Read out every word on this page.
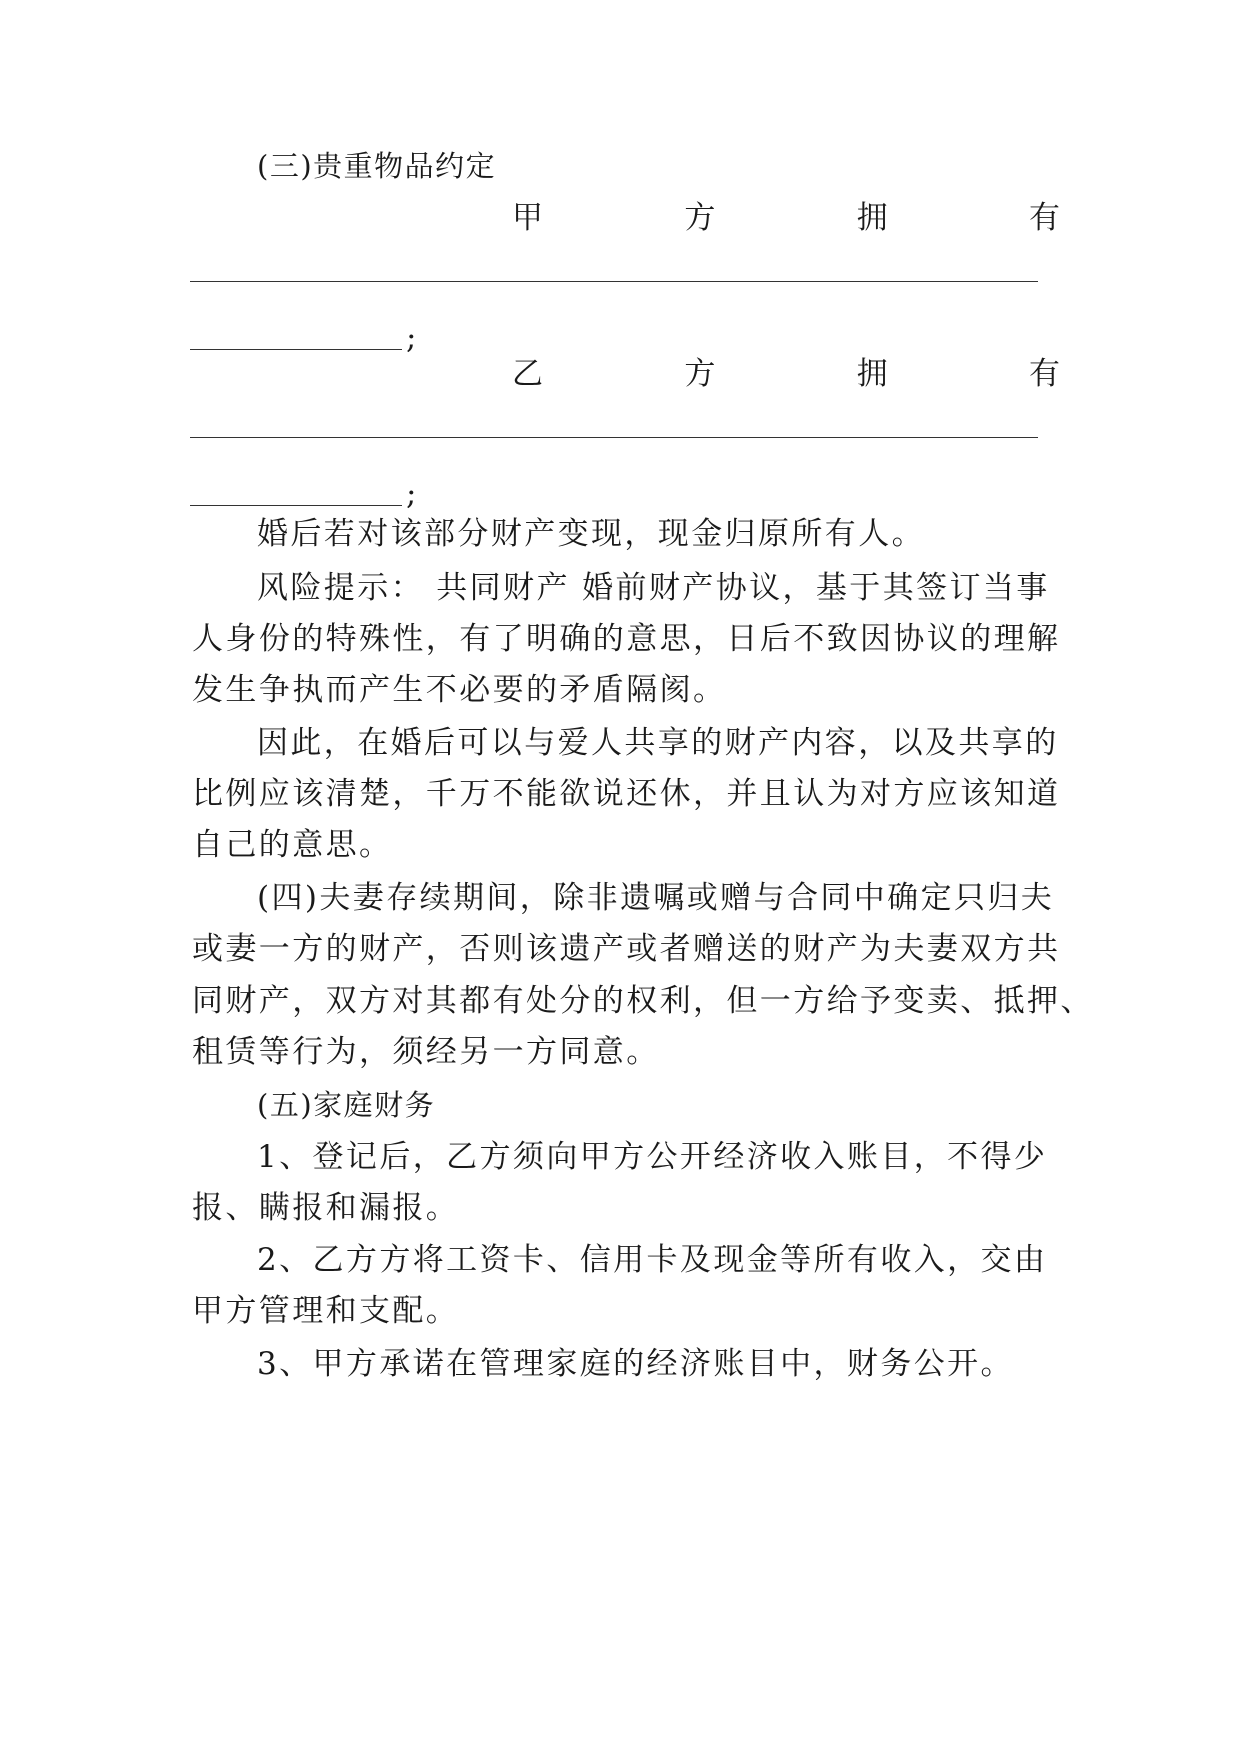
(三)贵重物品约定
甲	方	拥	有
;
乙	方	拥	有
;
婚后若对该部分财产变现，现金归原所有人。
风险提示： 共同财产 婚前财产协议，基于其签订当事
人身份的特殊性，有了明确的意思，日后不致因协议的理解
发生争执而产生不必要的矛盾隔阂。
因此，在婚后可以与爱人共享的财产内容，以及共享的
比例应该清楚，千万不能欲说还休，并且认为对方应该知道
自己的意思。
(四)夫妻存续期间，除非遗嘱或赠与合同中确定只归夫
或妻一方的财产，否则该遗产或者赠送的财产为夫妻双方共
同财产，双方对其都有处分的权利，但一方给予变卖、抵押、
租赁等行为，须经另一方同意。
(五)家庭财务
1、登记后，乙方须向甲方公开经济收入账目，不得少
报、瞒报和漏报。
2、乙方方将工资卡、信用卡及现金等所有收入，交由
甲方管理和支配。
3、甲方承诺在管理家庭的经济账目中，财务公开。
